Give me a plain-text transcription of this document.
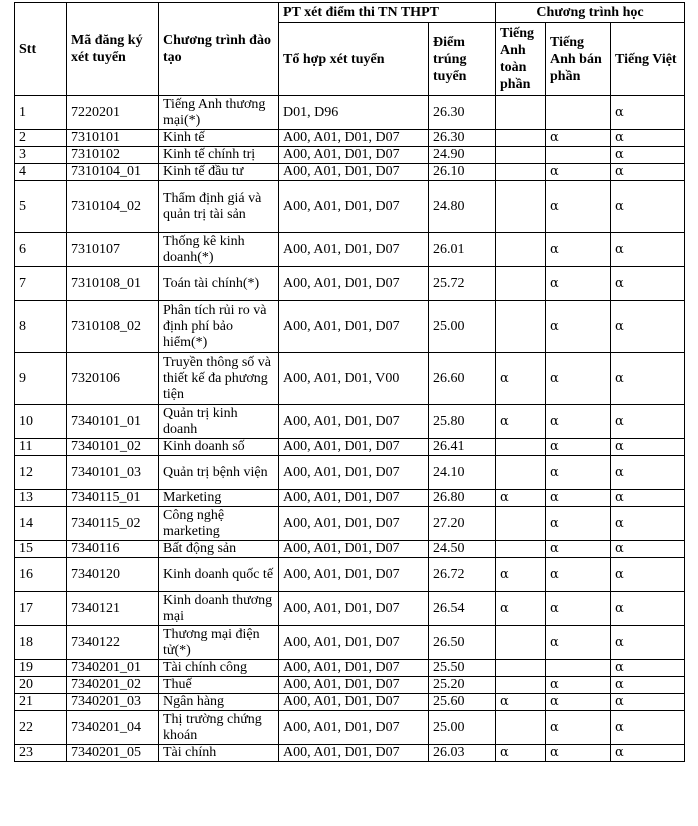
Stt	Mã đăng ký xét tuyển	Chương trình đào tạo	PT xét điểm thi TN THPT		Chương trình học		
			Tổ hợp xét tuyển	Điểm trúng tuyển	Tiếng Anh toàn phần	Tiếng Anh bán phần	Tiếng Việt
1	7220201	Tiếng Anh thương mại(*)	D01, D96	26.30			α
2	7310101	Kinh tế	A00, A01, D01, D07	26.30		α	α
3	7310102	Kinh tế chính trị	A00, A01, D01, D07	24.90			α
4	7310104_01	Kinh tế đầu tư	A00, A01, D01, D07	26.10		α	α
5	7310104_02	Thẩm định giá và quản trị tài sản	A00, A01, D01, D07	24.80		α	α
6	7310107	Thống kê kinh doanh(*)	A00, A01, D01, D07	26.01		α	α
7	7310108_01	Toán tài chính(*)	A00, A01, D01, D07	25.72		α	α
8	7310108_02	Phân tích rủi ro và định phí bảo hiểm(*)	A00, A01, D01, D07	25.00		α	α
9	7320106	Truyền thông số và thiết kế đa phương tiện	A00, A01, D01, V00	26.60	α	α	α
10	7340101_01	Quản trị kinh doanh	A00, A01, D01, D07	25.80	α	α	α
11	7340101_02	Kinh doanh số	A00, A01, D01, D07	26.41		α	α
12	7340101_03	Quản trị bệnh viện	A00, A01, D01, D07	24.10		α	α
13	7340115_01	Marketing	A00, A01, D01, D07	26.80	α	α	α
14	7340115_02	Công nghệ marketing	A00, A01, D01, D07	27.20		α	α
15	7340116	Bất động sản	A00, A01, D01, D07	24.50		α	α
16	7340120	Kinh doanh quốc tế	A00, A01, D01, D07	26.72	α	α	α
17	7340121	Kinh doanh thương mại	A00, A01, D01, D07	26.54	α	α	α
18	7340122	Thương mại điện tử(*)	A00, A01, D01, D07	26.50		α	α
19	7340201_01	Tài chính công	A00, A01, D01, D07	25.50			α
20	7340201_02	Thuế	A00, A01, D01, D07	25.20		α	α
21	7340201_03	Ngân hàng	A00, A01, D01, D07	25.60	α	α	α
22	7340201_04	Thị trường chứng khoán	A00, A01, D01, D07	25.00		α	α
23	7340201_05	Tài chính	A00, A01, D01, D07	26.03	α	α	α
